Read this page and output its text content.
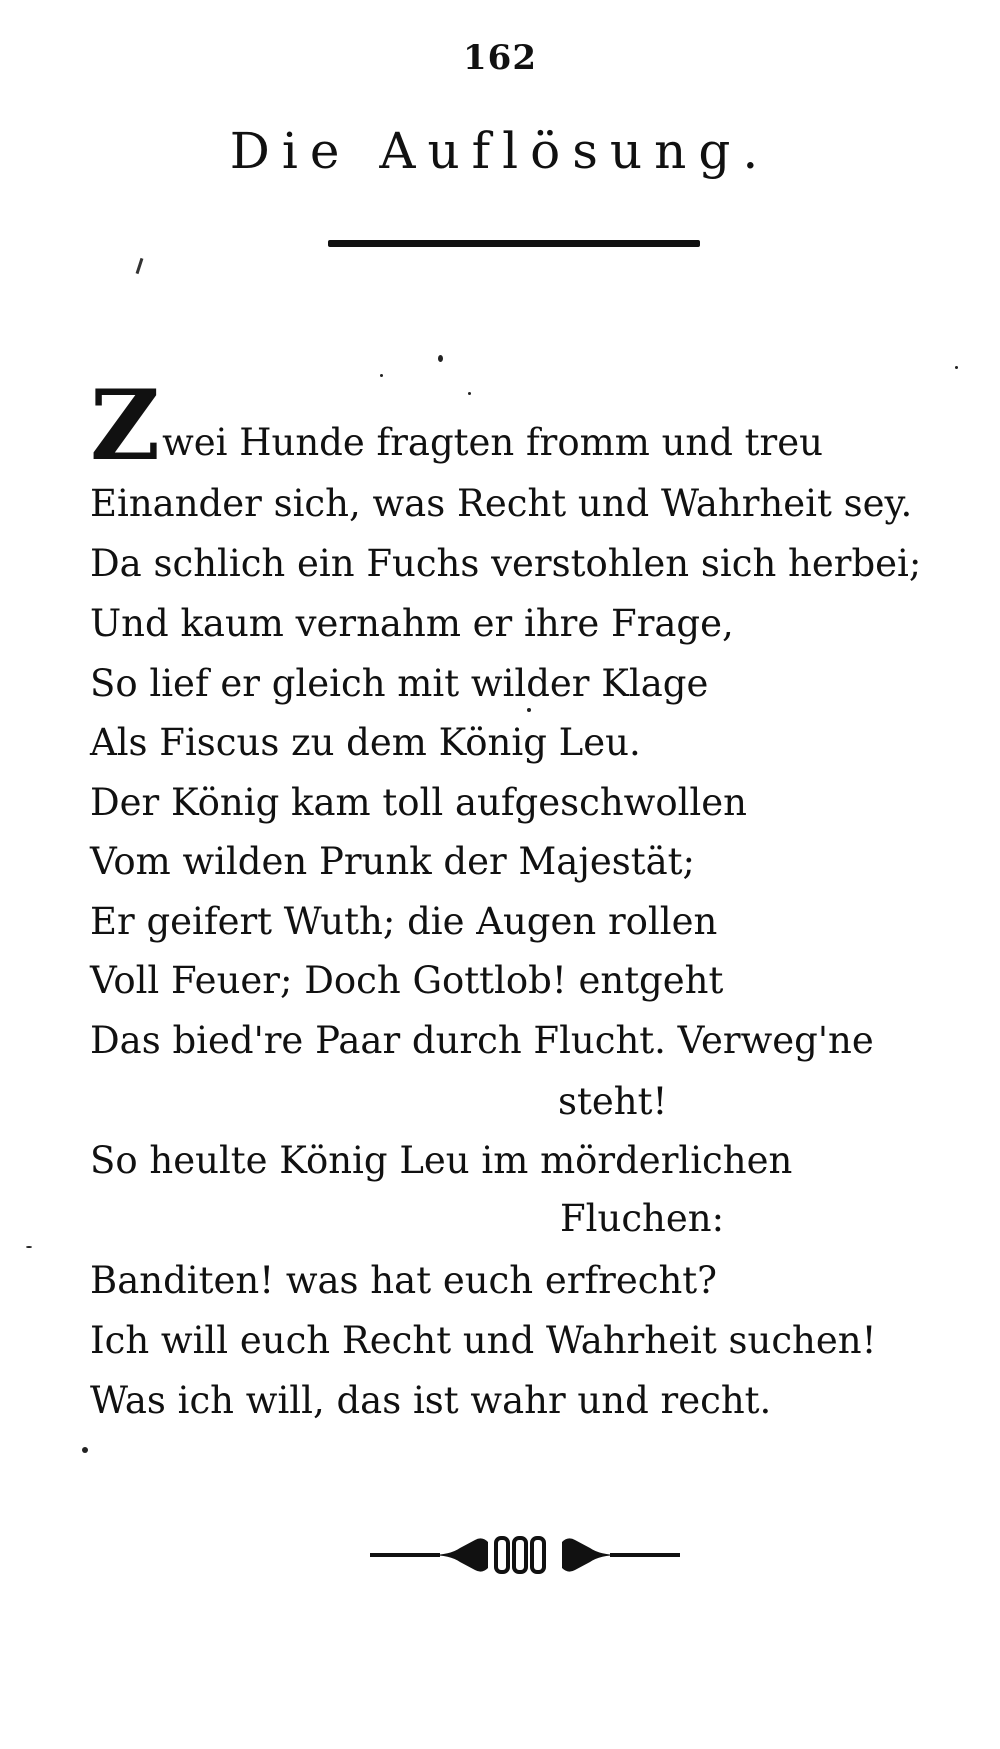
162
Die Auflösung.
Zwei Hunde fragten fromm und treu
Einander sich, was Recht und Wahrheit sey.
Da schlich ein Fuchs verstohlen sich herbei;
Und kaum vernahm er ihre Frage,
So lief er gleich mit wilder Klage
Als Fiscus zu dem König Leu.
Der König kam toll aufgeschwollen
Vom wilden Prunk der Majestät;
Er geifert Wuth; die Augen rollen
Voll Feuer; Doch Gottlob! entgeht
Das bied're Paar durch Flucht. Verweg'ne
steht!
So heulte König Leu im mörderlichen
Fluchen:
Banditen! was hat euch erfrecht?
Ich will euch Recht und Wahrheit suchen!
Was ich will, das ist wahr und recht.
